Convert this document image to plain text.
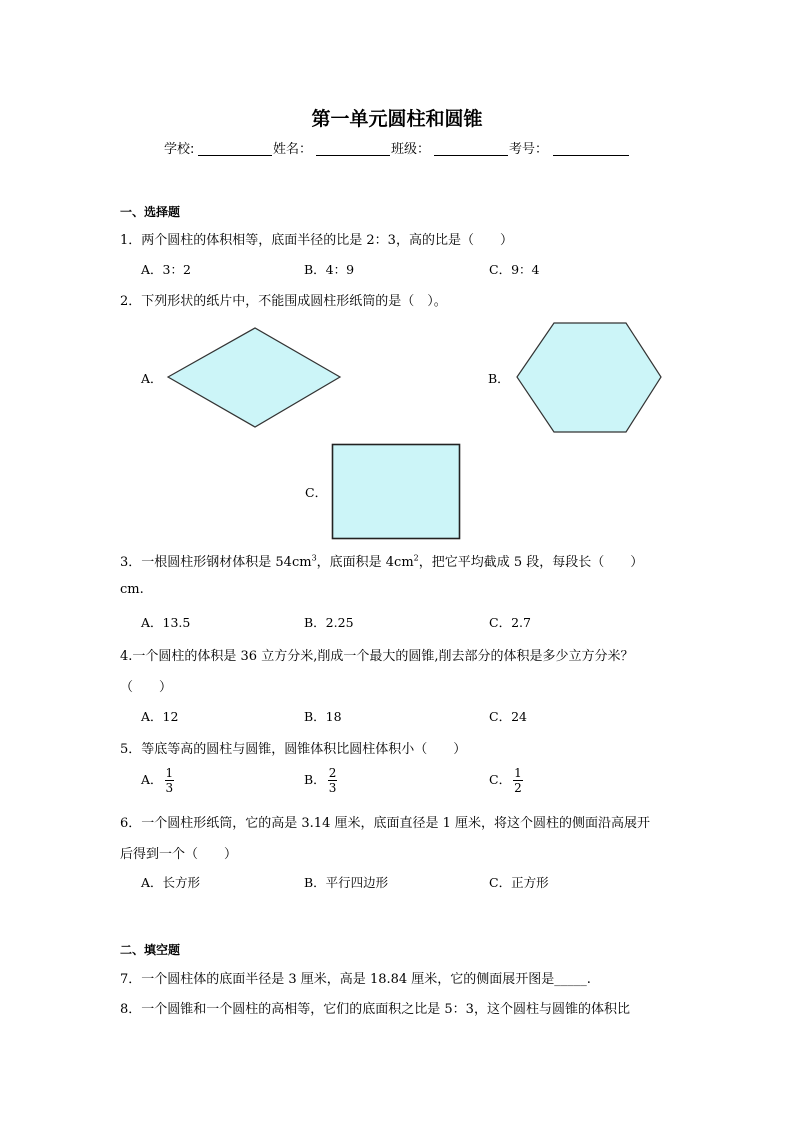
第一单元圆柱和圆锥
学校:	姓名：	班级：	考号：
一、选择题
1．两个圆柱的体积相等，底面半径的比是 2：3，高的比是（　　）
A．3：2	B．4：9	C．9：4
2．下列形状的纸片中，不能围成圆柱形纸筒的是（　）。
A．	B．
C．
3．一根圆柱形钢材体积是 $54cm^3$，底面积是 $4cm^2$，把它平均截成 5 段，每段长（　　）
cm.
A．13.5	B．2.25	C．2.7
4.一个圆柱的体积是 36 立方分米,削成一个最大的圆锥,削去部分的体积是多少立方分米？
（　　）
A．12	B．18	C．24
5．等底等高的圆柱与圆锥，圆锥体积比圆柱体积小（　　）
A． $\frac{1}{3}$	B． $\frac{2}{3}$	C． $\frac{1}{2}$
6．一个圆柱形纸筒，它的高是 3.14 厘米，底面直径是 1 厘米，将这个圆柱的侧面沿高展开
后得到一个（　　）
A．长方形	B．平行四边形	C．正方形
二、填空题
7．一个圆柱体的底面半径是 3 厘米，高是 18.84 厘米，它的侧面展开图是_____.
8．一个圆锥和一个圆柱的高相等，它们的底面积之比是 5：3，这个圆柱与圆锥的体积比
